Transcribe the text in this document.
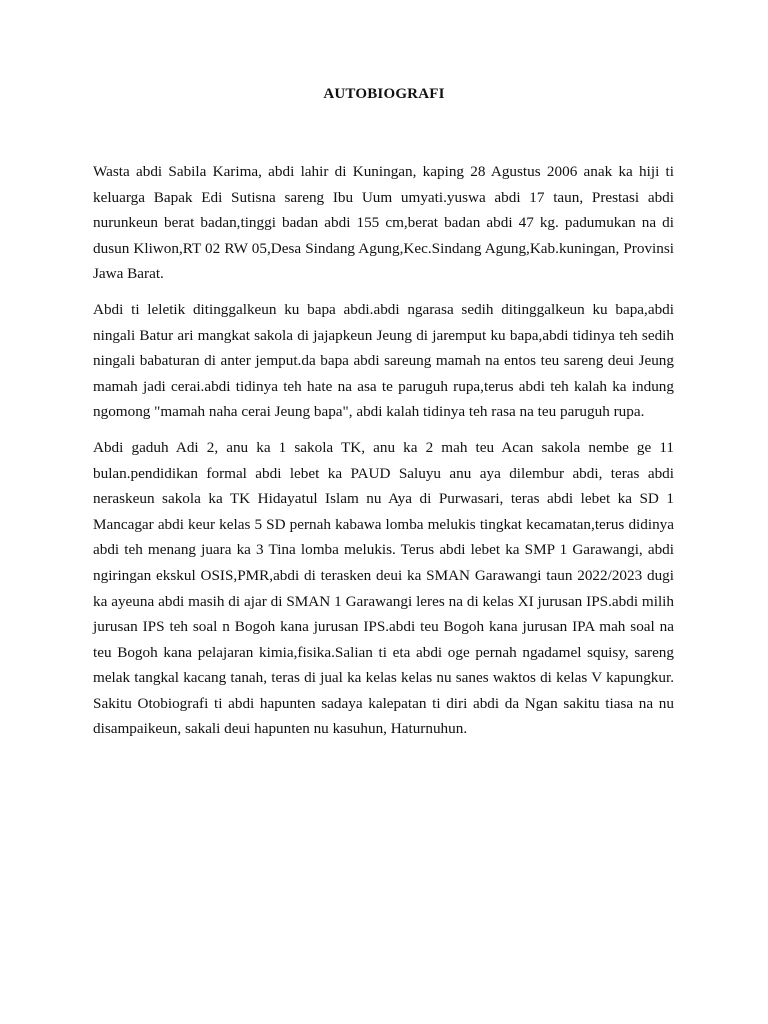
AUTOBIOGRAFI

Wasta abdi Sabila Karima, abdi lahir di Kuningan, kaping 28 Agustus 2006 anak ka hiji ti keluarga Bapak Edi Sutisna sareng Ibu Uum umyati.yuswa abdi 17 taun, Prestasi abdi nurunkeun berat badan,tinggi badan abdi 155 cm,berat badan abdi 47 kg. padumukan na di dusun Kliwon,RT 02 RW 05,Desa Sindang Agung,Kec.Sindang Agung,Kab.kuningan, Provinsi Jawa Barat.

Abdi ti leletik ditinggalkeun ku bapa abdi.abdi ngarasa sedih ditinggalkeun ku bapa,abdi ningali Batur ari mangkat sakola di jajapkeun Jeung di jaremput ku bapa,abdi tidinya teh sedih ningali babaturan di anter jemput.da bapa abdi sareung mamah na entos teu sareng deui Jeung mamah jadi cerai.abdi tidinya teh hate na asa te paruguh rupa,terus abdi teh kalah ka indung ngomong "mamah naha cerai Jeung bapa", abdi kalah tidinya teh rasa na teu paruguh rupa.

Abdi gaduh Adi 2, anu ka 1 sakola TK, anu ka 2 mah teu Acan sakola nembe ge 11 bulan.pendidikan formal abdi lebet ka PAUD Saluyu anu aya dilembur abdi, teras abdi neraskeun sakola ka TK Hidayatul Islam nu Aya di Purwasari, teras abdi lebet ka SD 1 Mancagar abdi keur kelas 5 SD pernah kabawa lomba melukis tingkat kecamatan,terus didinya abdi teh menang juara ka 3 Tina lomba melukis. Terus abdi lebet ka SMP 1 Garawangi, abdi ngiringan ekskul OSIS,PMR,abdi di terasken deui ka SMAN Garawangi taun 2022/2023 dugi ka ayeuna abdi masih di ajar di SMAN 1 Garawangi leres na di kelas XI jurusan IPS.abdi milih jurusan IPS teh soal n Bogoh kana jurusan IPS.abdi teu Bogoh kana jurusan IPA mah soal na teu Bogoh kana pelajaran kimia,fisika.Salian ti eta abdi oge pernah ngadamel squisy, sareng melak tangkal kacang tanah, teras di jual ka kelas kelas nu sanes waktos di kelas V kapungkur. Sakitu Otobiografi ti abdi hapunten sadaya kalepatan ti diri abdi da Ngan sakitu tiasa na nu disampaikeun, sakali deui hapunten nu kasuhun, Haturnuhun.
